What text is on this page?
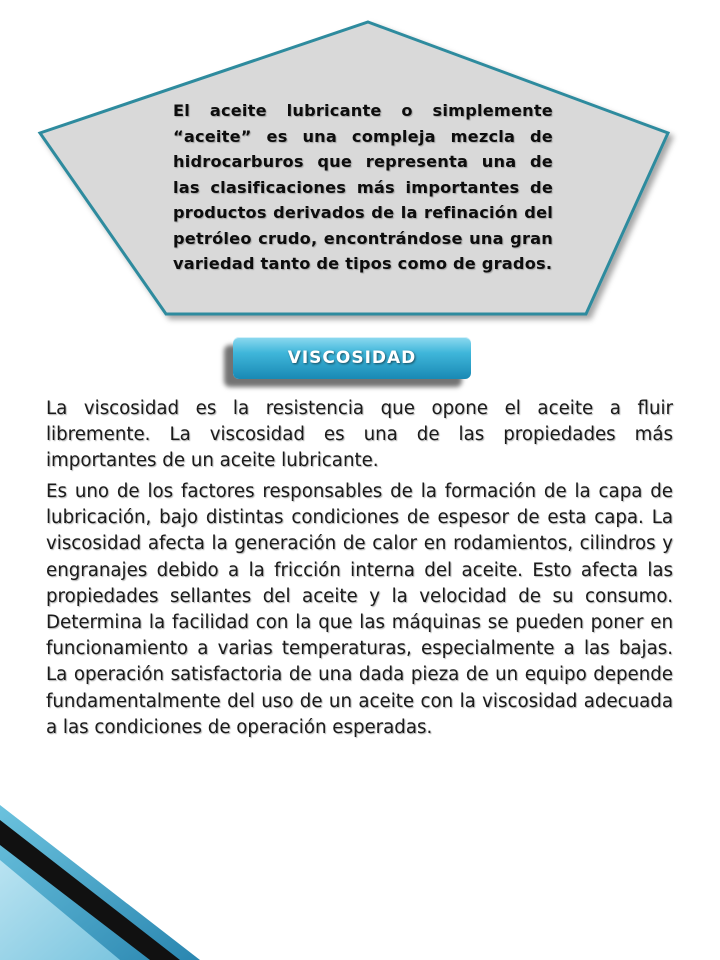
El aceite lubricante o simplemente “aceite” es una compleja mezcla de hidrocarburos que representa una de las clasificaciones más importantes de productos derivados de la refinación del petróleo crudo, encontrándose una gran variedad tanto de tipos como de grados.
VISCOSIDAD

La viscosidad es la resistencia que opone el aceite a fluir libremente. La viscosidad es una de las propiedades más importantes de un aceite lubricante.

Es uno de los factores responsables de la formación de la capa de lubricación, bajo distintas condiciones de espesor de esta capa. La viscosidad afecta la generación de calor en rodamientos, cilindros y engranajes debido a la fricción interna del aceite. Esto afecta las propiedades sellantes del aceite y la velocidad de su consumo. Determina la facilidad con la que las máquinas se pueden poner en funcionamiento a varias temperaturas, especialmente a las bajas. La operación satisfactoria de una dada pieza de un equipo depende fundamentalmente del uso de un aceite con la viscosidad adecuada a las condiciones de operación esperadas.
